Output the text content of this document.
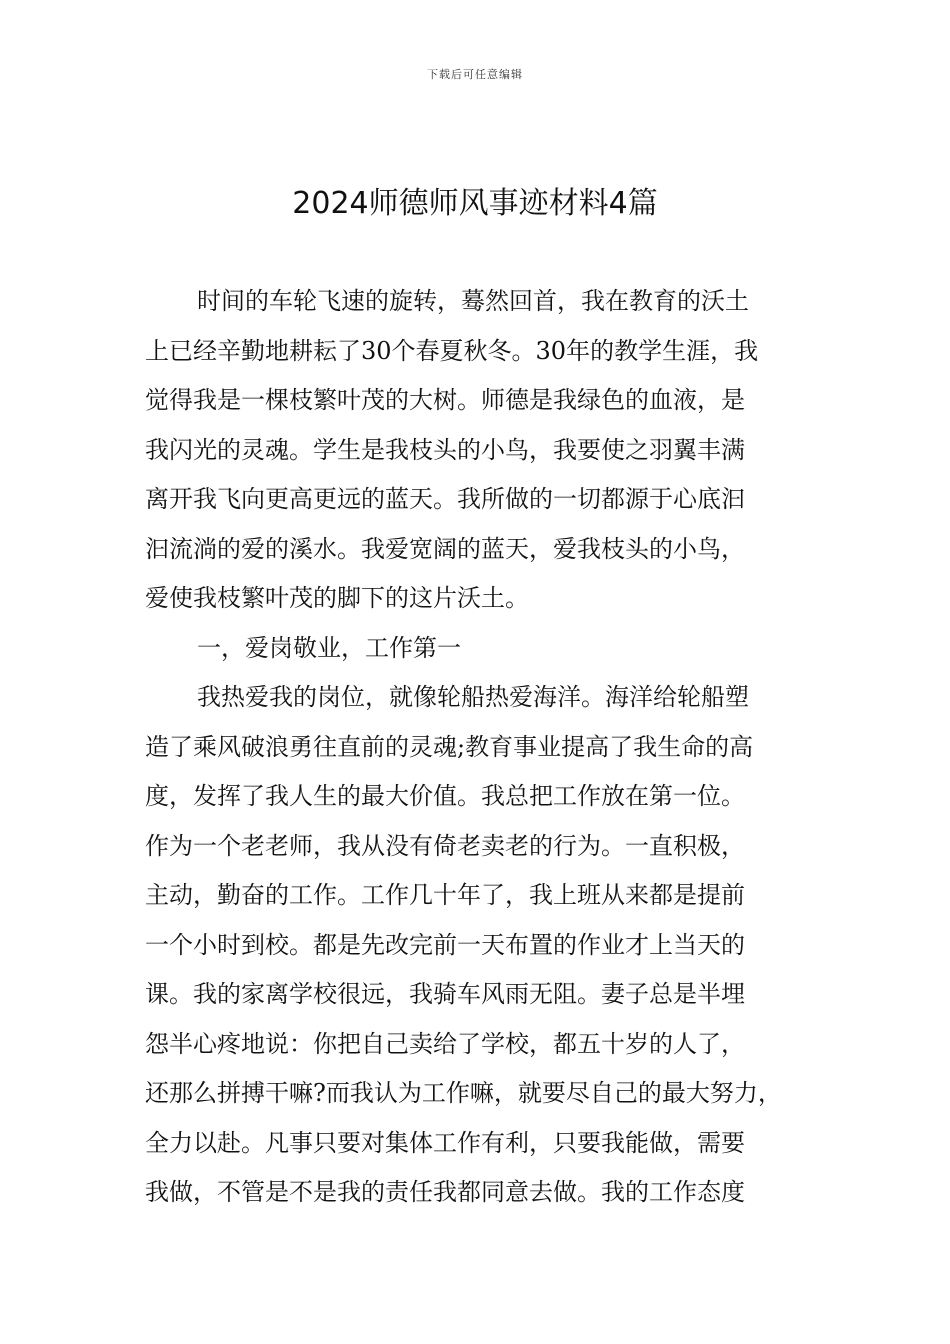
下载后可任意编辑
2024师德师风事迹材料4篇
时间的车轮飞速的旋转，蓦然回首，我在教育的沃土
上已经辛勤地耕耘了30个春夏秋冬。30年的教学生涯，我
觉得我是一棵枝繁叶茂的大树。师德是我绿色的血液，是
我闪光的灵魂。学生是我枝头的小鸟，我要使之羽翼丰满
离开我飞向更高更远的蓝天。我所做的一切都源于心底汩
汩流淌的爱的溪水。我爱宽阔的蓝天，爱我枝头的小鸟，
爱使我枝繁叶茂的脚下的这片沃土。
一，爱岗敬业，工作第一
我热爱我的岗位，就像轮船热爱海洋。海洋给轮船塑
造了乘风破浪勇往直前的灵魂;教育事业提高了我生命的高
度，发挥了我人生的最大价值。我总把工作放在第一位。
作为一个老老师，我从没有倚老卖老的行为。一直积极，
主动，勤奋的工作。工作几十年了，我上班从来都是提前
一个小时到校。都是先改完前一天布置的作业才上当天的
课。我的家离学校很远，我骑车风雨无阻。妻子总是半埋
怨半心疼地说：你把自己卖给了学校，都五十岁的人了，
还那么拼搏干嘛?而我认为工作嘛，就要尽自己的最大努力，
全力以赴。凡事只要对集体工作有利，只要我能做，需要
我做，不管是不是我的责任我都同意去做。我的工作态度
